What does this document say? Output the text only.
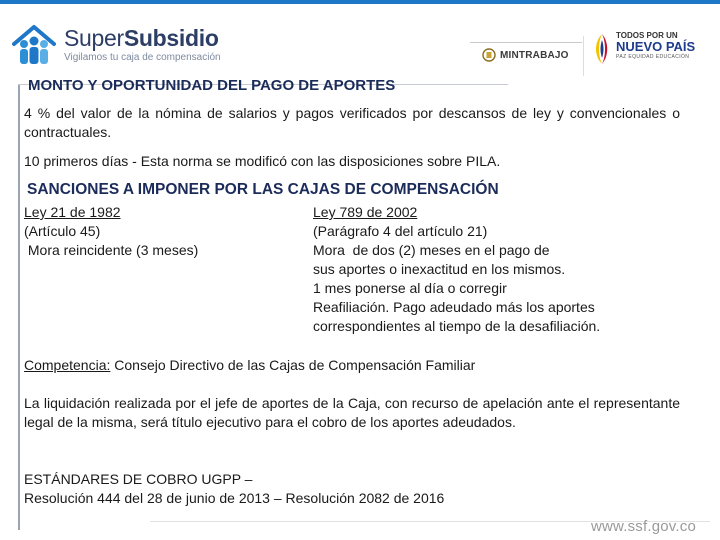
SuperSubsidio
Vigilamos tu caja de compensación	MINTRABAJO
TODOS POR UN
NUEVO PAÍS
PAZ EQUIDAD EDUCACIÓN
MONTO Y OPORTUNIDAD DEL PAGO DE APORTES
4 % del valor de la nómina de salarios y pagos verificados por descansos de ley y convencionales o contractuales.
10 primeros días - Esta norma se modificó con las disposiciones sobre PILA.
SANCIONES A IMPONER POR LAS CAJAS DE COMPENSACIÓN
Ley 21 de 1982
(Artículo 45)
Mora reincidente (3 meses)
Ley 789 de 2002
(Parágrafo 4 del artículo 21)
Mora  de dos (2) meses en el pago de
sus aportes o inexactitud en los mismos.
1 mes ponerse al día o corregir
Reafiliación. Pago adeudado más los aportes
correspondientes al tiempo de la desafiliación.
Competencia: Consejo Directivo de las Cajas de Compensación Familiar
La liquidación realizada por el jefe de aportes de la Caja, con recurso de apelación ante el representante legal de la misma, será título ejecutivo para el cobro de los aportes adeudados.
ESTÁNDARES DE COBRO UGPP –
Resolución 444 del 28 de junio de 2013 – Resolución 2082 de 2016
www.ssf.gov.co
